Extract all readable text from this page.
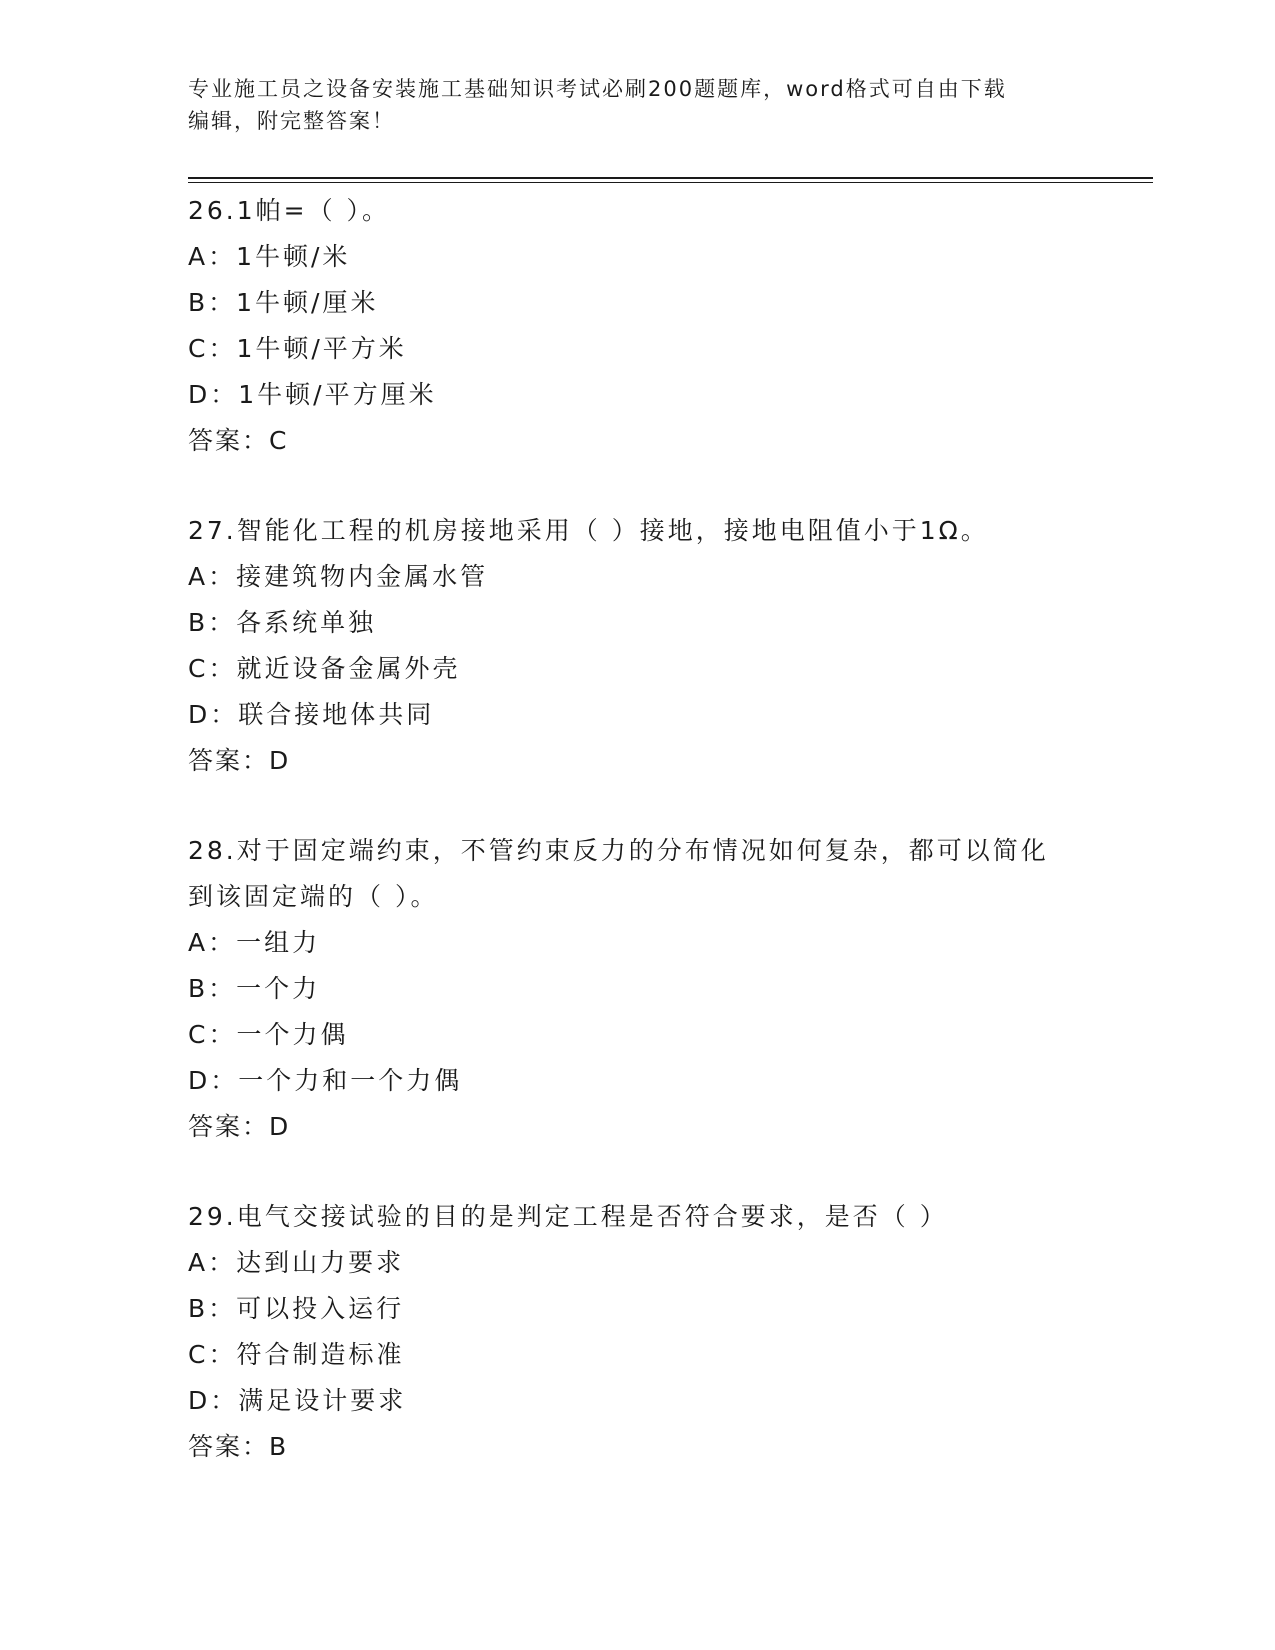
专业施工员之设备安装施工基础知识考试必刷200题题库，word格式可自由下载
编辑，附完整答案！
26.1帕=（ ）。
A：1牛顿/米
B：1牛顿/厘米
C：1牛顿/平方米
D：1牛顿/平方厘米
答案：C
27.智能化工程的机房接地采用（ ）接地，接地电阻值小于1Ω。
A：接建筑物内金属水管
B：各系统单独
C：就近设备金属外壳
D：联合接地体共同
答案：D
28.对于固定端约束，不管约束反力的分布情况如何复杂，都可以简化
到该固定端的（ ）。
A：一组力
B：一个力
C：一个力偶
D：一个力和一个力偶
答案：D
29.电气交接试验的目的是判定工程是否符合要求，是否（ ）
A：达到山力要求
B：可以投入运行
C：符合制造标准
D：满足设计要求
答案：B
